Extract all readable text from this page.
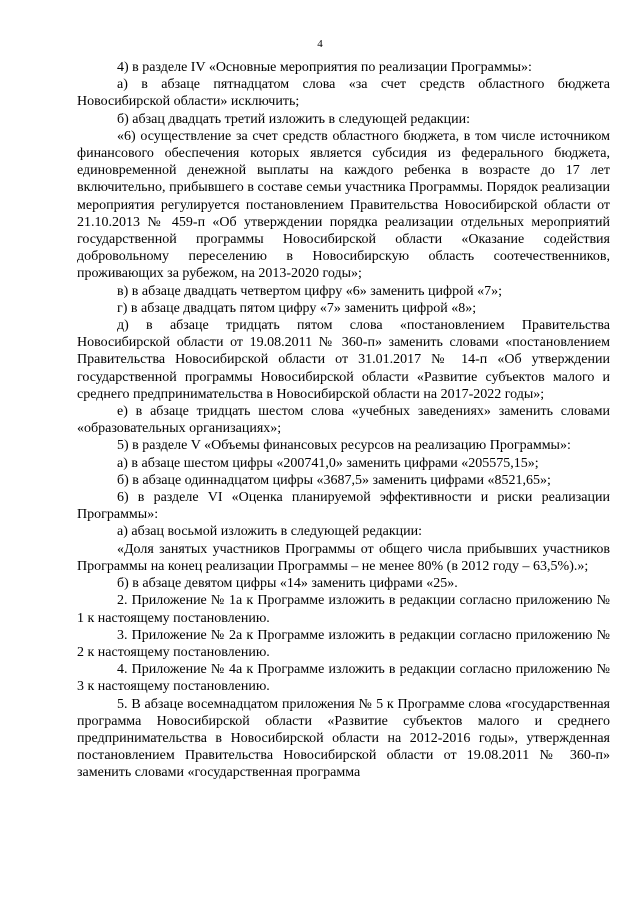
4

4) в разделе IV «Основные мероприятия по реализации Программы»:

а) в абзаце пятнадцатом слова «за счет средств областного бюджета Новосибирской области» исключить;

б) абзац двадцать третий изложить в следующей редакции:

«6) осуществление за счет средств областного бюджета, в том числе источником финансового обеспечения которых является субсидия из федерального бюджета, единовременной денежной выплаты на каждого ребенка в возрасте до 17 лет включительно, прибывшего в составе семьи участника Программы. Порядок реализации мероприятия регулируется постановлением Правительства Новосибирской области от 21.10.2013 № 459-п «Об утверждении порядка реализации отдельных мероприятий государственной программы Новосибирской области «Оказание содействия добровольному переселению в Новосибирскую область соотечественников, проживающих за рубежом, на 2013-2020 годы»;

в) в абзаце двадцать четвертом цифру «6» заменить цифрой «7»;

г) в абзаце двадцать пятом цифру «7» заменить цифрой «8»;

д) в абзаце тридцать пятом слова «постановлением Правительства Новосибирской области от 19.08.2011 № 360-п» заменить словами «постановлением Правительства Новосибирской области от 31.01.2017 № 14-п «Об утверждении государственной программы Новосибирской области «Развитие субъектов малого и среднего предпринимательства в Новосибирской области на 2017-2022 годы»;

е) в абзаце тридцать шестом слова «учебных заведениях» заменить словами «образовательных организациях»;

5) в разделе V «Объемы финансовых ресурсов на реализацию Программы»:

а) в абзаце шестом цифры «200741,0» заменить цифрами «205575,15»;

б) в абзаце одиннадцатом цифры «3687,5» заменить цифрами «8521,65»;

6) в разделе VI «Оценка планируемой эффективности и риски реализации Программы»:

а) абзац восьмой изложить в следующей редакции:

«Доля занятых участников Программы от общего числа прибывших участников Программы на конец реализации Программы – не менее 80% (в 2012 году – 63,5%).»;

б) в абзаце девятом цифры «14» заменить цифрами «25».

2. Приложение № 1а к Программе изложить в редакции согласно приложению № 1 к настоящему постановлению.

3. Приложение № 2а к Программе изложить в редакции согласно приложению № 2 к настоящему постановлению.

4. Приложение № 4а к Программе изложить в редакции согласно приложению № 3 к настоящему постановлению.

5. В абзаце восемнадцатом приложения № 5 к Программе слова «государственная программа Новосибирской области «Развитие субъектов малого и среднего предпринимательства в Новосибирской области на 2012-2016 годы», утвержденная постановлением Правительства Новосибирской области от 19.08.2011 № 360-п» заменить словами «государственная программа
